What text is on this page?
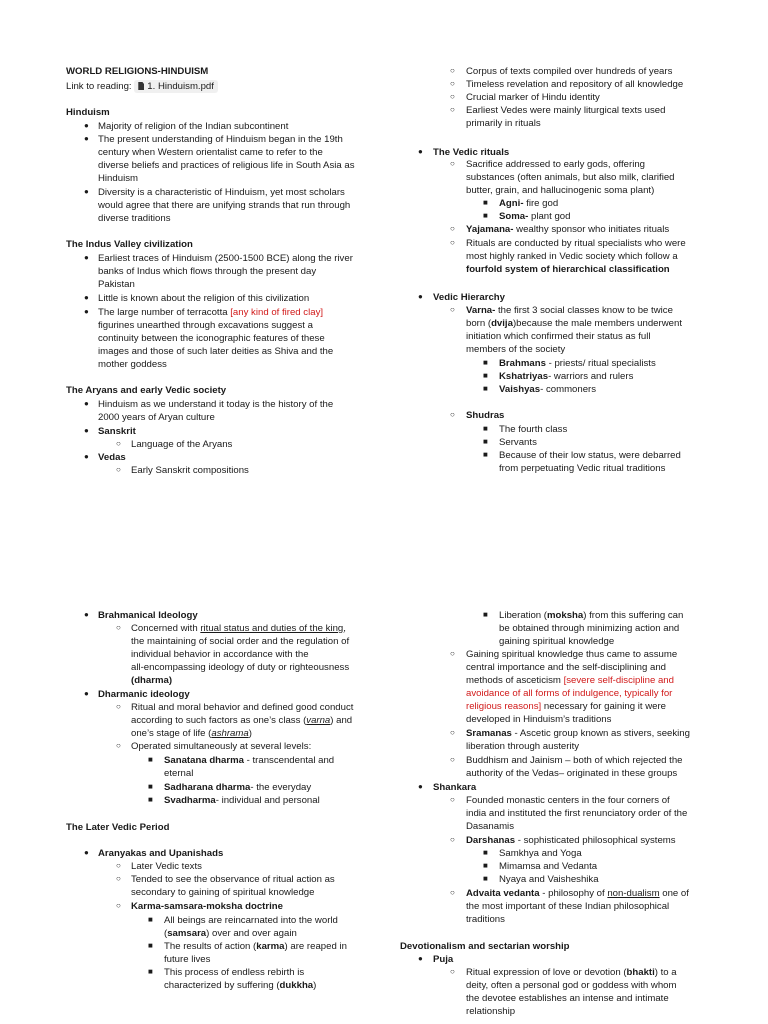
WORLD RELIGIONS-HINDUISM
Link to reading: 1. Hinduism.pdf
Hinduism
● Majority of religion of the Indian subcontinent
● The present understanding of Hinduism began in the 19th
century when Western orientalist came to refer to the
diverse beliefs and practices of religious life in South Asia as
Hinduism
● Diversity is a characteristic of Hinduism, yet most scholars
would agree that there are unifying strands that run through
diverse traditions
The Indus Valley civilization
● Earliest traces of Hinduism (2500-1500 BCE) along the river
banks of Indus which flows through the present day
Pakistan
● Little is known about the religion of this civilization
● The large number of terracotta [any kind of fired clay]
figurines unearthed through excavations suggest a
continuity between the iconographic features of these
images and those of such later deities as Shiva and the
mother goddess
The Aryans and early Vedic society
● Hinduism as we understand it today is the history of the
2000 years of Aryan culture
● Sanskrit
○ Language of the Aryans
● Vedas
○ Early Sanskrit compositions
○ Corpus of texts compiled over hundreds of years
○ Timeless revelation and repository of all knowledge
○ Crucial marker of Hindu identity
○ Earliest Vedes were mainly liturgical texts used
primarily in rituals
● The Vedic rituals
○ Sacrifice addressed to early gods, offering
substances (often animals, but also milk, clarified
butter, grain, and hallucinogenic soma plant)
■ Agni- fire god
■ Soma- plant god
○ Yajamana- wealthy sponsor who initiates rituals
○ Rituals are conducted by ritual specialists who were
most highly ranked in Vedic society which follow a
fourfold system of hierarchical classification
● Vedic Hierarchy
○ Varna- the first 3 social classes know to be twice
born (dvija)because the male members underwent
initiation which confirmed their status as full
members of the society
■ Brahmans - priests/ ritual specialists
■ Kshatriyas- warriors and rulers
■ Vaishyas- commoners
○ Shudras
■ The fourth class
■ Servants
■ Because of their low status, were debarred
from perpetuating Vedic ritual traditions
● Brahmanical Ideology
○ Concerned with ritual status and duties of the king,
the maintaining of social order and the regulation of
individual behavior in accordance with the
all-encompassing ideology of duty or righteousness
(dharma)
● Dharmanic ideology
○ Ritual and moral behavior and defined good conduct
according to such factors as one’s class (varna) and
one’s stage of life (ashrama)
○ Operated simultaneously at several levels:
■ Sanatana dharma - transcendental and
eternal
■ Sadharana dharma- the everyday
■ Svadharma- individual and personal
The Later Vedic Period
● Aranyakas and Upanishads
○ Later Vedic texts
○ Tended to see the observance of ritual action as
secondary to gaining of spiritual knowledge
○ Karma-samsara-moksha doctrine
■ All beings are reincarnated into the world
(samsara) over and over again
■ The results of action (karma) are reaped in
future lives
■ This process of endless rebirth is
characterized by suffering (dukkha)
■ Liberation (moksha) from this suffering can
be obtained through minimizing action and
gaining spiritual knowledge
○ Gaining spiritual knowledge thus came to assume
central importance and the self-disciplining and
methods of asceticism [severe self-discipline and
avoidance of all forms of indulgence, typically for
religious reasons] necessary for gaining it were
developed in Hinduism’s traditions
○ Sramanas - Ascetic group known as stivers, seeking
liberation through austerity
○ Buddhism and Jainism – both of which rejected the
authority of the Vedas– originated in these groups
● Shankara
○ Founded monastic centers in the four corners of
india and instituted the first renunciatory order of the
Dasanamis
○ Darshanas - sophisticated philosophical systems
■ Samkhya and Yoga
■ Mimamsa and Vedanta
■ Nyaya and Vaisheshika
○ Advaita vedanta - philosophy of non-dualism one of
the most important of these Indian philosophical
traditions
Devotionalism and sectarian worship
● Puja
○ Ritual expression of love or devotion (bhakti) to a
deity, often a personal god or goddess with whom
the devotee establishes an intense and intimate
relationship
